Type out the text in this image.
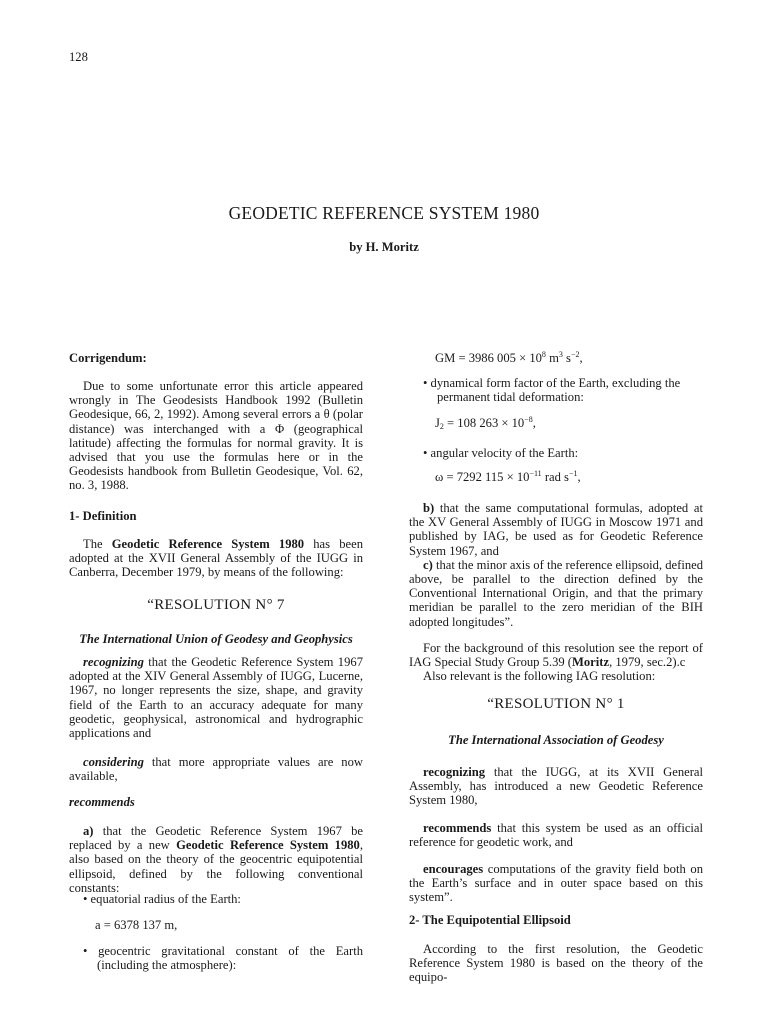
128
GEODETIC REFERENCE SYSTEM 1980
by H. Moritz

Corrigendum:

Due to some unfortunate error this article appeared wrongly in The Geodesists Handbook 1992 (Bulletin Geodesique, 66, 2, 1992). Among several errors a θ (polar distance) was interchanged with a Φ (geographical latitude) affecting the formulas for normal gravity. It is advised that you use the formulas here or in the Geodesists handbook from Bulletin Geodesique, Vol. 62, no. 3, 1988.

1- Definition

The Geodetic Reference System 1980 has been adopted at the XVII General Assembly of the IUGG in Canberra, December 1979, by means of the following:

“RESOLUTION N° 7

The International Union of Geodesy and Geophysics

recognizing that the Geodetic Reference System 1967 adopted at the XIV General Assembly of IUGG, Lucerne, 1967, no longer represents the size, shape, and gravity field of the Earth to an accuracy adequate for many geodetic, geophysical, astronomical and hydrographic applications and

considering that more appropriate values are now available,

recommends

a) that the Geodetic Reference System 1967 be replaced by a new Geodetic Reference System 1980, also based on the theory of the geocentric equipotential ellipsoid, defined by the following conventional constants:

• equatorial radius of the Earth:

a = 6378 137 m,

• geocentric gravitational constant of the Earth (including the atmosphere):

GM = 3986 $005 \times 10^8$ $m^3$ $s^{-2}$,

• dynamical form factor of the Earth, excluding the permanent tidal deformation:

$J_2 = 108$ $263 \times 10^{-8}$,

• angular velocity of the Earth:

ω = 7292 $115 \times 10^{-11}$ rad $s^{-1}$,

b) that the same computational formulas, adopted at the XV General Assembly of IUGG in Moscow 1971 and published by IAG, be used as for Geodetic Reference System 1967, and

c) that the minor axis of the reference ellipsoid, defined above, be parallel to the direction defined by the Conventional International Origin, and that the primary meridian be parallel to the zero meridian of the BIH adopted longitudes”.

For the background of this resolution see the report of IAG Special Study Group 5.39 (Moritz, 1979, sec.2).c

Also relevant is the following IAG resolution:

“RESOLUTION N° 1

The International Association of Geodesy

recognizing that the IUGG, at its XVII General Assembly, has introduced a new Geodetic Reference System 1980,

recommends that this system be used as an official reference for geodetic work, and

encourages computations of the gravity field both on the Earth’s surface and in outer space based on this system”.

2- The Equipotential Ellipsoid

According to the first resolution, the Geodetic Reference System 1980 is based on the theory of the equipo-
